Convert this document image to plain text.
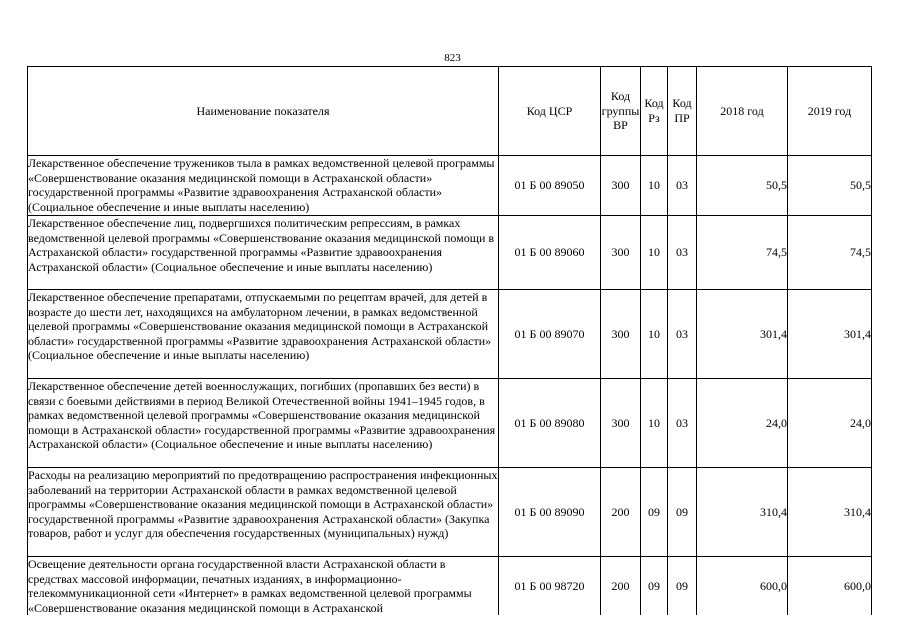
823
Наименование показателя	Код ЦСР	Код группы ВР	Код Рз	Код ПР	2018 год	2019 год
Лекарственное обеспечение тружеников тыла в рамках ведомственной целевой программы «Совершенствование оказания медицинской помощи в Астраханской области» государственной программы «Развитие здравоохранения Астраханской области» (Социальное обеспечение и иные выплаты населению)	01 Б 00 89050	300	10	03	50,5	50,5
Лекарственное обеспечение лиц, подвергшихся политическим репрессиям, в рамках ведомственной целевой программы «Совершенствование оказания медицинской помощи в Астраханской области» государственной программы «Развитие здравоохранения Астраханской области» (Социальное обеспечение и иные выплаты населению)	01 Б 00 89060	300	10	03	74,5	74,5
Лекарственное обеспечение препаратами, отпускаемыми по рецептам врачей, для детей в возрасте до шести лет, находящихся на амбулаторном лечении, в рамках ведомственной целевой программы «Совершенствование оказания медицинской помощи в Астраханской области» государственной программы «Развитие здравоохранения Астраханской области» (Социальное обеспечение и иные выплаты населению)	01 Б 00 89070	300	10	03	301,4	301,4
Лекарственное обеспечение детей военнослужащих, погибших (пропавших без вести) в связи с боевыми действиями в период Великой Отечественной войны 1941–1945 годов, в рамках ведомственной целевой программы «Совершенствование оказания медицинской помощи в Астраханской области» государственной программы «Развитие здравоохранения Астраханской области» (Социальное обеспечение и иные выплаты населению)	01 Б 00 89080	300	10	03	24,0	24,0
Расходы на реализацию мероприятий по предотвращению распространения инфекционных заболеваний на территории Астраханской области в рамках ведомственной целевой программы «Совершенствование оказания медицинской помощи в Астраханской области» государственной программы «Развитие здравоохранения Астраханской области» (Закупка товаров, работ и услуг для обеспечения государственных (муниципальных) нужд)	01 Б 00 89090	200	09	09	310,4	310,4
Освещение деятельности органа государственной власти Астраханской области в средствах массовой информации, печатных изданиях, в информационно-телекоммуникационной сети «Интернет» в рамках ведомственной целевой программы «Совершенствование оказания медицинской помощи в Астраханской	01 Б 00 98720	200	09	09	600,0	600,0
